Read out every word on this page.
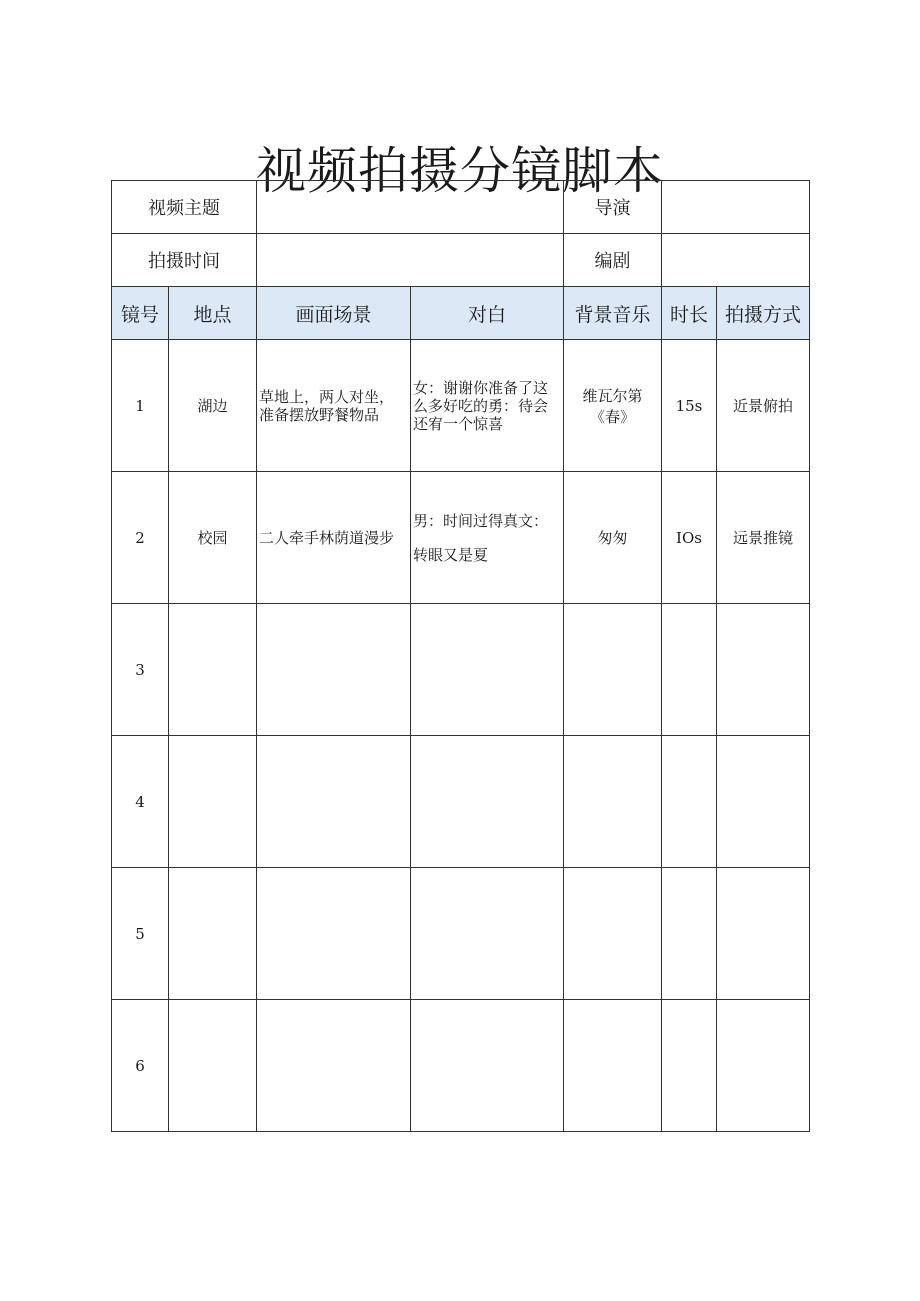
视频拍摄分镜脚本
视频主题				导演		
拍摄时间				编剧		
镜号	地点	画面场景	对白	背景音乐	时长	拍摄方式
1	湖边	草地上，两人对坐，准备摆放野餐物品	女：谢谢你准备了这么多好吃的勇：待会还宥一个惊喜	维瓦尔第《春》	15s	近景俯拍
2	校园	二人牵手林荫道漫步	男：时间过得真文：
转眼又是夏	匆匆	IOs	远景推镜
3						
4						
5						
6						
